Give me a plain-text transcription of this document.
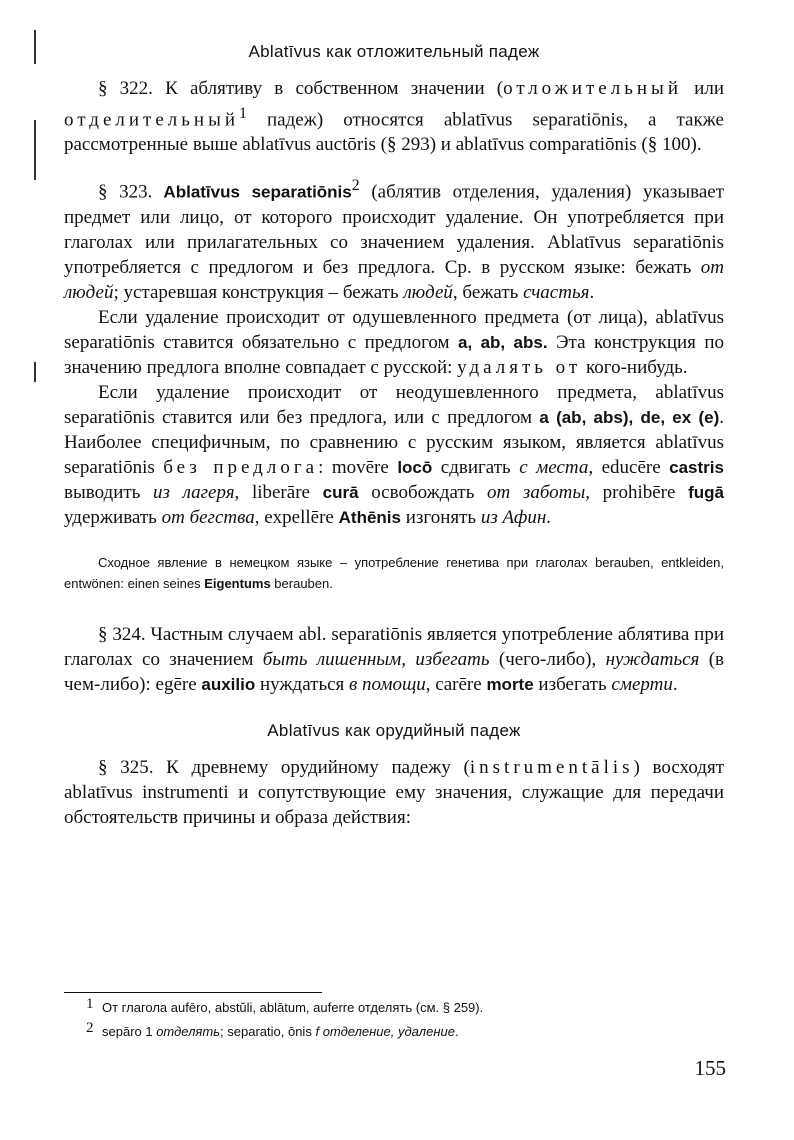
Ablatīvus как отложительный падеж

§ 322. К аблятиву в собственном значении (отложительный или отделительный$^1$ падеж) относятся ablatīvus separatiōnis, а также рассмотренные выше ablatīvus auctōris (§ 293) и ablatīvus comparatiōnis (§ 100).

§ 323. Ablatīvus separatiōnis$^2$ (аблятив отделения, удаления) указывает предмет или лицо, от которого происходит удаление. Он употребляется при глаголах или прилагательных со значением удаления. Ablatīvus separatiōnis употребляется с предлогом и без предлога. Ср. в русском языке: бежать от людей; устаревшая конструкция – бежать людей, бежать счастья.

Если удаление происходит от одушевленного предмета (от лица), ablatīvus separatiōnis ставится обязательно с предлогом a, ab, abs. Эта конструкция по значению предлога вполне совпадает с русской: удалять от кого-нибудь.

Если удаление происходит от неодушевленного предмета, ablatīvus separatiōnis ставится или без предлога, или с предлогом a (ab, abs), de, ex (e). Наиболее специфичным, по сравнению с русским языком, является ablatīvus separatiōnis без предлога: movēre locō сдвигать с места, educēre castris выводить из лагеря, liberāre curā освобождать от заботы, prohibēre fugā удерживать от бегства, expellēre Athēnis изгонять из Афин.

Сходное явление в немецком языке – употребление генетива при глаголах berauben, entkleiden, entwönen: einen seines Eigentums berauben.

§ 324. Частным случаем abl. separatiōnis является употребление аблятива при глаголах со значением быть лишенным, избегать (чего-либо), нуждаться (в чем-либо): egēre auxilio нуждаться в помощи, carēre morte избегать смерти.

Ablatīvus как орудийный падеж

§ 325. К древнему орудийному падежу (instrumentālis) восходят ablatīvus instrumenti и сопутствующие ему значения, служащие для передачи обстоятельств причины и образа действия:

1 От глагола aufēro, abstŭli, ablātum, auferre отделять (см. § 259).
2 sepāro 1 отделять; separatio, ōnis f отделение, удаление.
155
